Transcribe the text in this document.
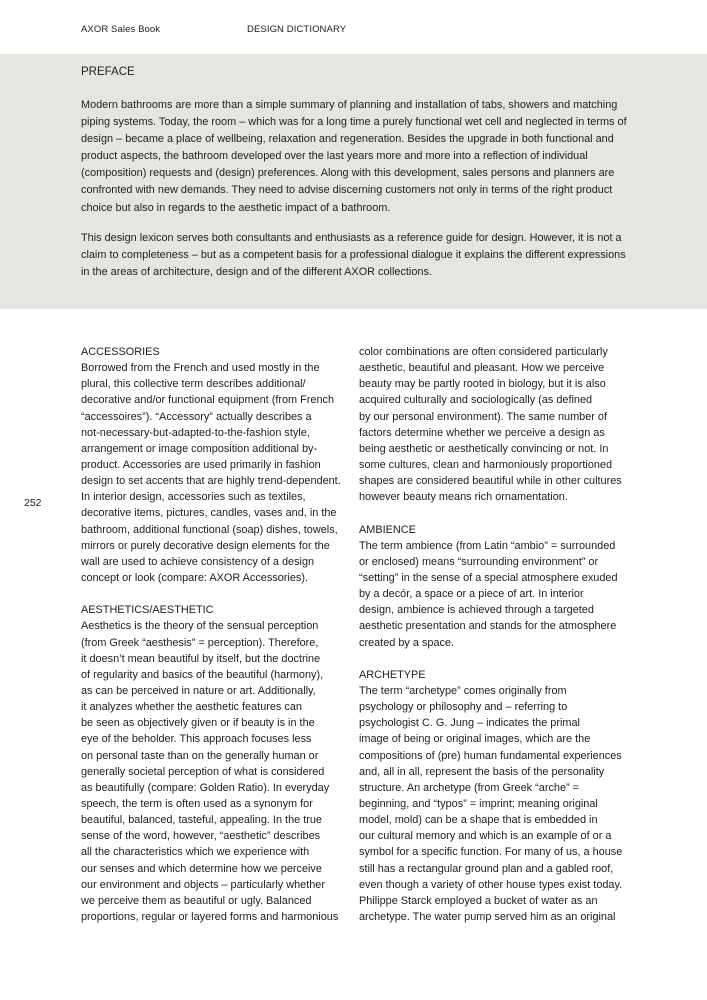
AXOR Sales Book	DESIGN DICTIONARY
PREFACE

Modern bathrooms are more than a simple summary of planning and installation of tabs, showers and matching piping systems. Today, the room – which was for a long time a purely functional wet cell and neglected in terms of design – became a place of wellbeing, relaxation and regeneration. Besides the upgrade in both functional and product aspects, the bathroom developed over the last years more and more into a reflection of individual (composition) requests and (design) preferences. Along with this development, sales persons and planners are confronted with new demands. They need to advise discerning customers not only in terms of the right product choice but also in regards to the aesthetic impact of a bathroom.

This design lexicon serves both consultants and enthusiasts as a reference guide for design. However, it is not a claim to completeness – but as a competent basis for a professional dialogue it explains the different expressions in the areas of architecture, design and of the different AXOR collections.

252
ACCESSORIES
Borrowed from the French and used mostly in the
plural, this collective term describes additional/
decorative and/or functional equipment (from French
“accessoires”). “Accessory” actually describes a
not-necessary-but-adapted-to-the-fashion style,
arrangement or image composition additional by-
product. Accessories are used primarily in fashion
design to set accents that are highly trend-dependent.
In interior design, accessories such as textiles,
decorative items, pictures, candles, vases and, in the
bathroom, additional functional (soap) dishes, towels,
mirrors or purely decorative design elements for the
wall are used to achieve consistency of a design
concept or look (compare: AXOR Accessories).
AESTHETICS/AESTHETIC
Aesthetics is the theory of the sensual perception
(from Greek “aesthesis” = perception). Therefore,
it doesn’t mean beautiful by itself, but the doctrine
of regularity and basics of the beautiful (harmony),
as can be perceived in nature or art. Additionally,
it analyzes whether the aesthetic features can
be seen as objectively given or if beauty is in the
eye of the beholder. This approach focuses less
on personal taste than on the generally human or
generally societal perception of what is considered
as beautifully (compare: Golden Ratio). In everyday
speech, the term is often used as a synonym for
beautiful, balanced, tasteful, appealing. In the true
sense of the word, however, “aesthetic” describes
all the characteristics which we experience with
our senses and which determine how we perceive
our environment and objects – particularly whether
we perceive them as beautiful or ugly. Balanced
proportions, regular or layered forms and harmonious
color combinations are often considered particularly
aesthetic, beautiful and pleasant. How we perceive
beauty may be partly rooted in biology, but it is also
acquired culturally and sociologically (as defined
by our personal environment). The same number of
factors determine whether we perceive a design as
being aesthetic or aesthetically convincing or not. In
some cultures, clean and harmoniously proportioned
shapes are considered beautiful while in other cultures
however beauty means rich ornamentation.
AMBIENCE
The term ambience (from Latin “ambio” = surrounded
or enclosed) means “surrounding environment” or
“setting” in the sense of a special atmosphere exuded
by a decór, a space or a piece of art. In interior
design, ambience is achieved through a targeted
aesthetic presentation and stands for the atmosphere
created by a space.
ARCHETYPE
The term “archetype” comes originally from
psychology or philosophy and – referring to
psychologist C. G. Jung – indicates the primal
image of being or original images, which are the
compositions of (pre) human fundamental experiences
and, all in all, represent the basis of the personality
structure. An archetype (from Greek “arche” =
beginning, and “typos” = imprint; meaning original
model, mold) can be a shape that is embedded in
our cultural memory and which is an example of or a
symbol for a specific function. For many of us, a house
still has a rectangular ground plan and a gabled roof,
even though a variety of other house types exist today.
Philippe Starck employed a bucket of water as an
archetype. The water pump served him as an original
